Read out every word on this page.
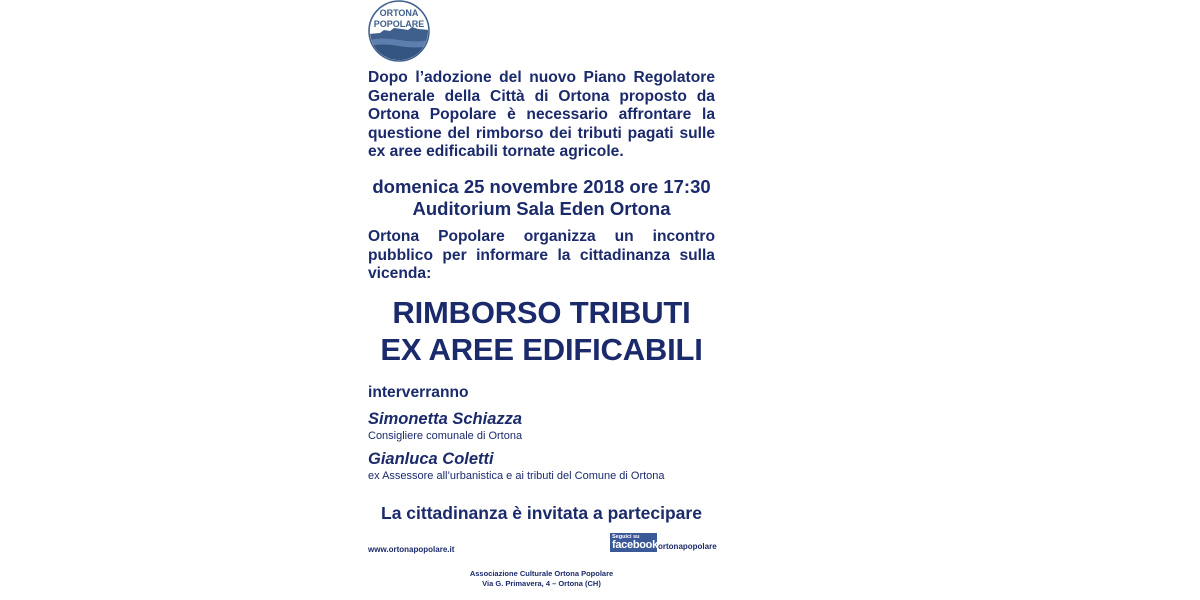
ORTONA
POPOLARE

Dopo l’adozione del nuovo Piano Regolatore Generale della Città di Ortona proposto da Ortona Popolare è necessario affrontare la questione del rimborso dei tributi pagati sulle ex aree edificabili tornate agricole.

domenica 25 novembre 2018 ore 17:30
Auditorium Sala Eden Ortona

Ortona Popolare organizza un incontro pubblico per informare la cittadinanza sulla vicenda:

RIMBORSO TRIBUTI
EX AREE EDIFICABILI

interverranno

Simonetta Schiazza

Consigliere comunale di Ortona

Gianluca Coletti

ex Assessore all’urbanistica e ai tributi del Comune di Ortona

La cittadinanza è invitata a partecipare

www.ortonapopolare.it

Seguici su
facebook ortonapopolare
Associazione Culturale Ortona Popolare
Via G. Primavera, 4 – Ortona (CH)
